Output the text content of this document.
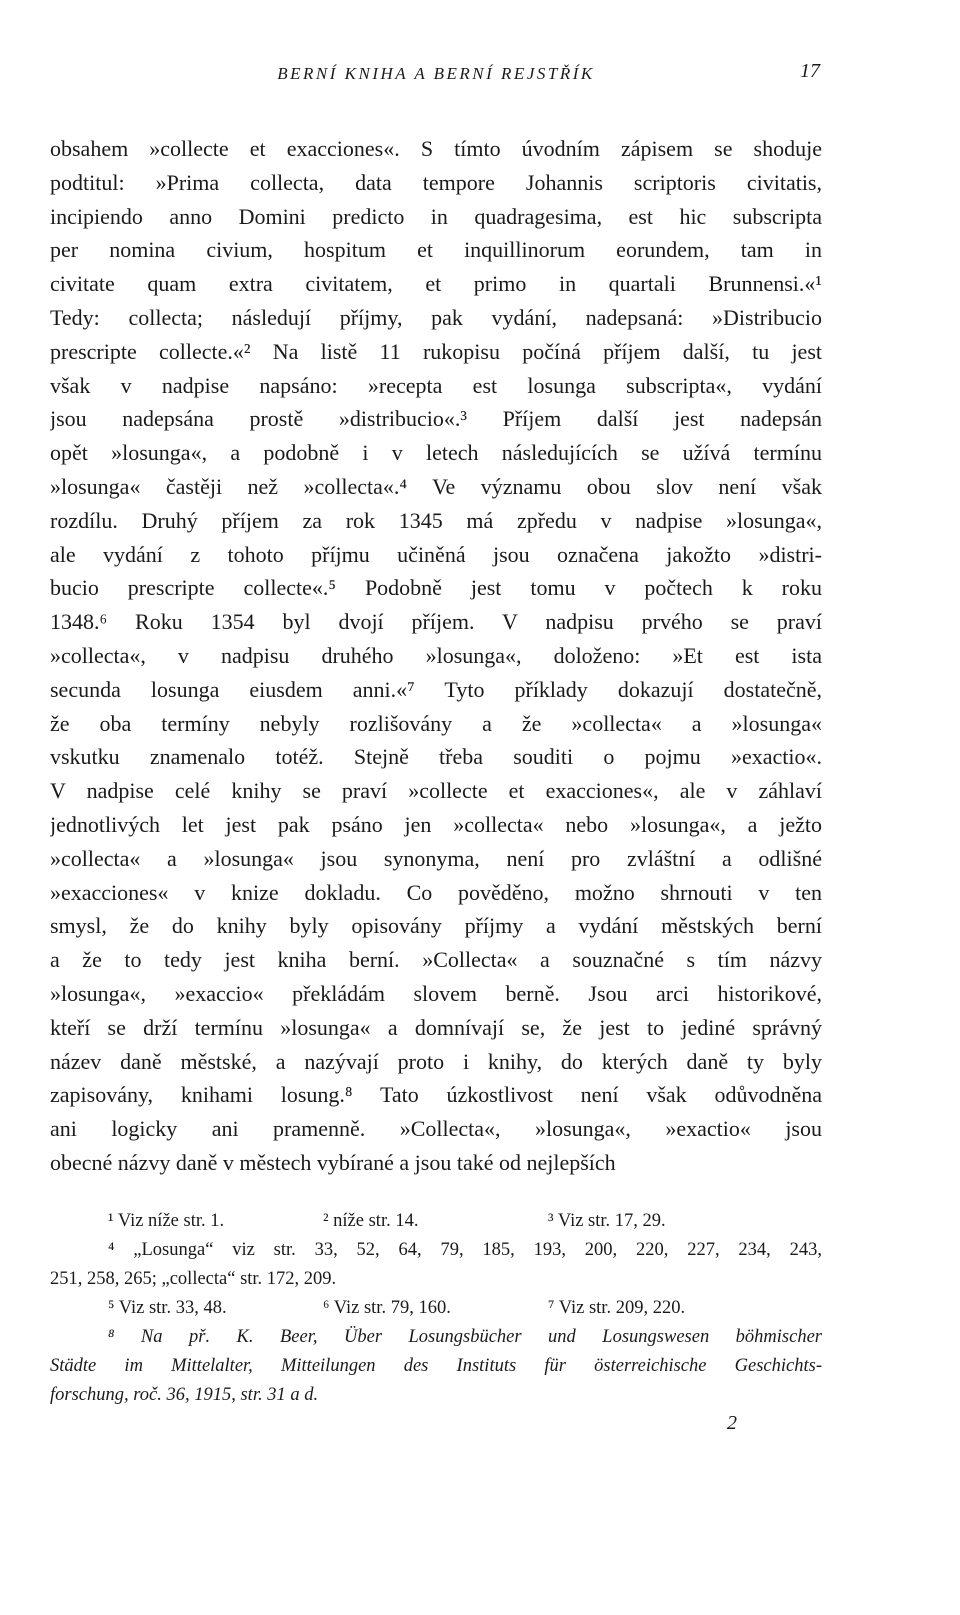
BERNÍ KNIHA A BERNÍ REJSTŘÍK	17
obsahem »collecte et exacciones«. S tímto úvodním zápisem se shoduje
podtitul: »Prima collecta, data tempore Johannis scriptoris civitatis,
incipiendo anno Domini predicto in quadragesima, est hic subscripta
per nomina civium, hospitum et inquillinorum eorundem, tam in
civitate quam extra civitatem, et primo in quartali Brunnensi.«¹
Tedy: collecta; následují příjmy, pak vydání, nadepsaná: »Distribucio
prescripte collecte.«² Na listě 11 rukopisu počíná příjem další, tu jest
však v nadpise napsáno: »recepta est losunga subscripta«, vydání
jsou nadepsána prostě »distribucio«.³ Příjem další jest nadepsán
opět »losunga«, a podobně i v letech následujících se užívá termínu
»losunga« častěji než »collecta«.⁴ Ve významu obou slov není však
rozdílu. Druhý příjem za rok 1345 má zpředu v nadpise »losunga«,
ale vydání z tohoto příjmu učiněná jsou označena jakožto »distri-
bucio prescripte collecte«.⁵ Podobně jest tomu v počtech k roku
1348.⁶ Roku 1354 byl dvojí příjem. V nadpisu prvého se praví
»collecta«, v nadpisu druhého »losunga«, doloženo: »Et est ista
secunda losunga eiusdem anni.«⁷ Tyto příklady dokazují dostatečně,
že oba termíny nebyly rozlišovány a že »collecta« a »losunga«
vskutku znamenalo totéž. Stejně třeba souditi o pojmu »exactio«.
V nadpise celé knihy se praví »collecte et exacciones«, ale v záhlaví
jednotlivých let jest pak psáno jen »collecta« nebo »losunga«, a ježto
»collecta« a »losunga« jsou synonyma, není pro zvláštní a odlišné
»exacciones« v knize dokladu. Co pověděno, možno shrnouti v ten
smysl, že do knihy byly opisovány příjmy a vydání městských berní
a že to tedy jest kniha berní. »Collecta« a souznačné s tím názvy
»losunga«, »exaccio« překládám slovem berně. Jsou arci historikové,
kteří se drží termínu »losunga« a domnívají se, že jest to jediné správný
název daně městské, a nazývají proto i knihy, do kterých daně ty byly
zapisovány, knihami losung.⁸ Tato úzkostlivost není však odůvodněna
ani logicky ani pramenně. »Collecta«, »losunga«, »exactio« jsou
obecné názvy daně v městech vybírané a jsou také od nejlepších
¹ Viz níže str. 1.	² níže str. 14.	³ Viz str. 17, 29.
⁴ „Losunga“ viz str. 33, 52, 64, 79, 185, 193, 200, 220, 227, 234, 243,
251, 258, 265; „collecta“ str. 172, 209.
⁵ Viz str. 33, 48.	⁶ Viz str. 79, 160.	⁷ Viz str. 209, 220.
⁸ Na př. K. Beer, Über Losungsbücher und Losungswesen böhmischer
Städte im Mittelalter, Mitteilungen des Instituts für österreichische Geschichts-
forschung, roč. 36, 1915, str. 31 a d.
2
